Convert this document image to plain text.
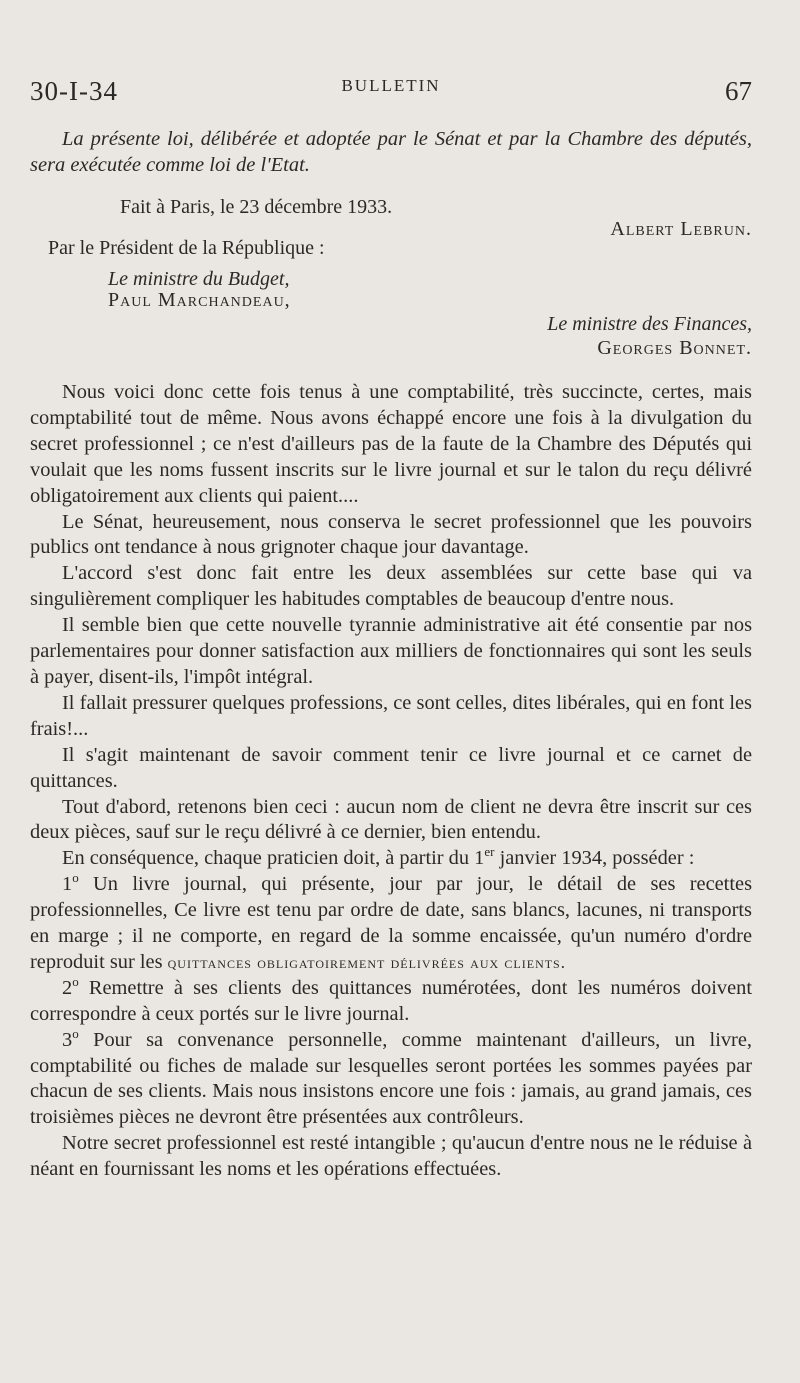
30-I-34	BULLETIN	67

La présente loi, délibérée et adoptée par le Sénat et par la Chambre des députés, sera exécutée comme loi de l'Etat.

Fait à Paris, le 23 décembre 1933.
Albert Lebrun.
Par le Président de la République :
Le ministre du Budget,
Paul Marchandeau,
Le ministre des Finances,
Georges Bonnet.

Nous voici donc cette fois tenus à une comptabilité, très succincte, certes, mais comptabilité tout de même. Nous avons échappé encore une fois à la divulgation du secret professionnel ; ce n'est d'ailleurs pas de la faute de la Chambre des Députés qui voulait que les noms fussent inscrits sur le livre journal et sur le talon du reçu délivré obligatoirement aux clients qui paient....

Le Sénat, heureusement, nous conserva le secret professionnel que les pouvoirs publics ont tendance à nous grignoter chaque jour davantage.

L'accord s'est donc fait entre les deux assemblées sur cette base qui va singulièrement compliquer les habitudes comptables de beaucoup d'entre nous.

Il semble bien que cette nouvelle tyrannie administrative ait été consentie par nos parlementaires pour donner satisfaction aux milliers de fonctionnaires qui sont les seuls à payer, disent-ils, l'impôt intégral.

Il fallait pressurer quelques professions, ce sont celles, dites libérales, qui en font les frais!...

Il s'agit maintenant de savoir comment tenir ce livre journal et ce carnet de quittances.

Tout d'abord, retenons bien ceci : aucun nom de client ne devra être inscrit sur ces deux pièces, sauf sur le reçu délivré à ce dernier, bien entendu.

En conséquence, chaque praticien doit, à partir du 1er janvier 1934, posséder :

1$^o$ Un livre journal, qui présente, jour par jour, le détail de ses recettes professionnelles, Ce livre est tenu par ordre de date, sans blancs, lacunes, ni transports en marge ; il ne comporte, en regard de la somme encaissée, qu'un numéro d'ordre reproduit sur les quittances obligatoirement délivrées aux clients.

2$^o$ Remettre à ses clients des quittances numérotées, dont les numéros doivent correspondre à ceux portés sur le livre journal.

3$^o$ Pour sa convenance personnelle, comme maintenant d'ailleurs, un livre, comptabilité ou fiches de malade sur lesquelles seront portées les sommes payées par chacun de ses clients. Mais nous insistons encore une fois : jamais, au grand jamais, ces troisièmes pièces ne devront être présentées aux contrôleurs.

Notre secret professionnel est resté intangible ; qu'aucun d'entre nous ne le réduise à néant en fournissant les noms et les opérations effectuées.
